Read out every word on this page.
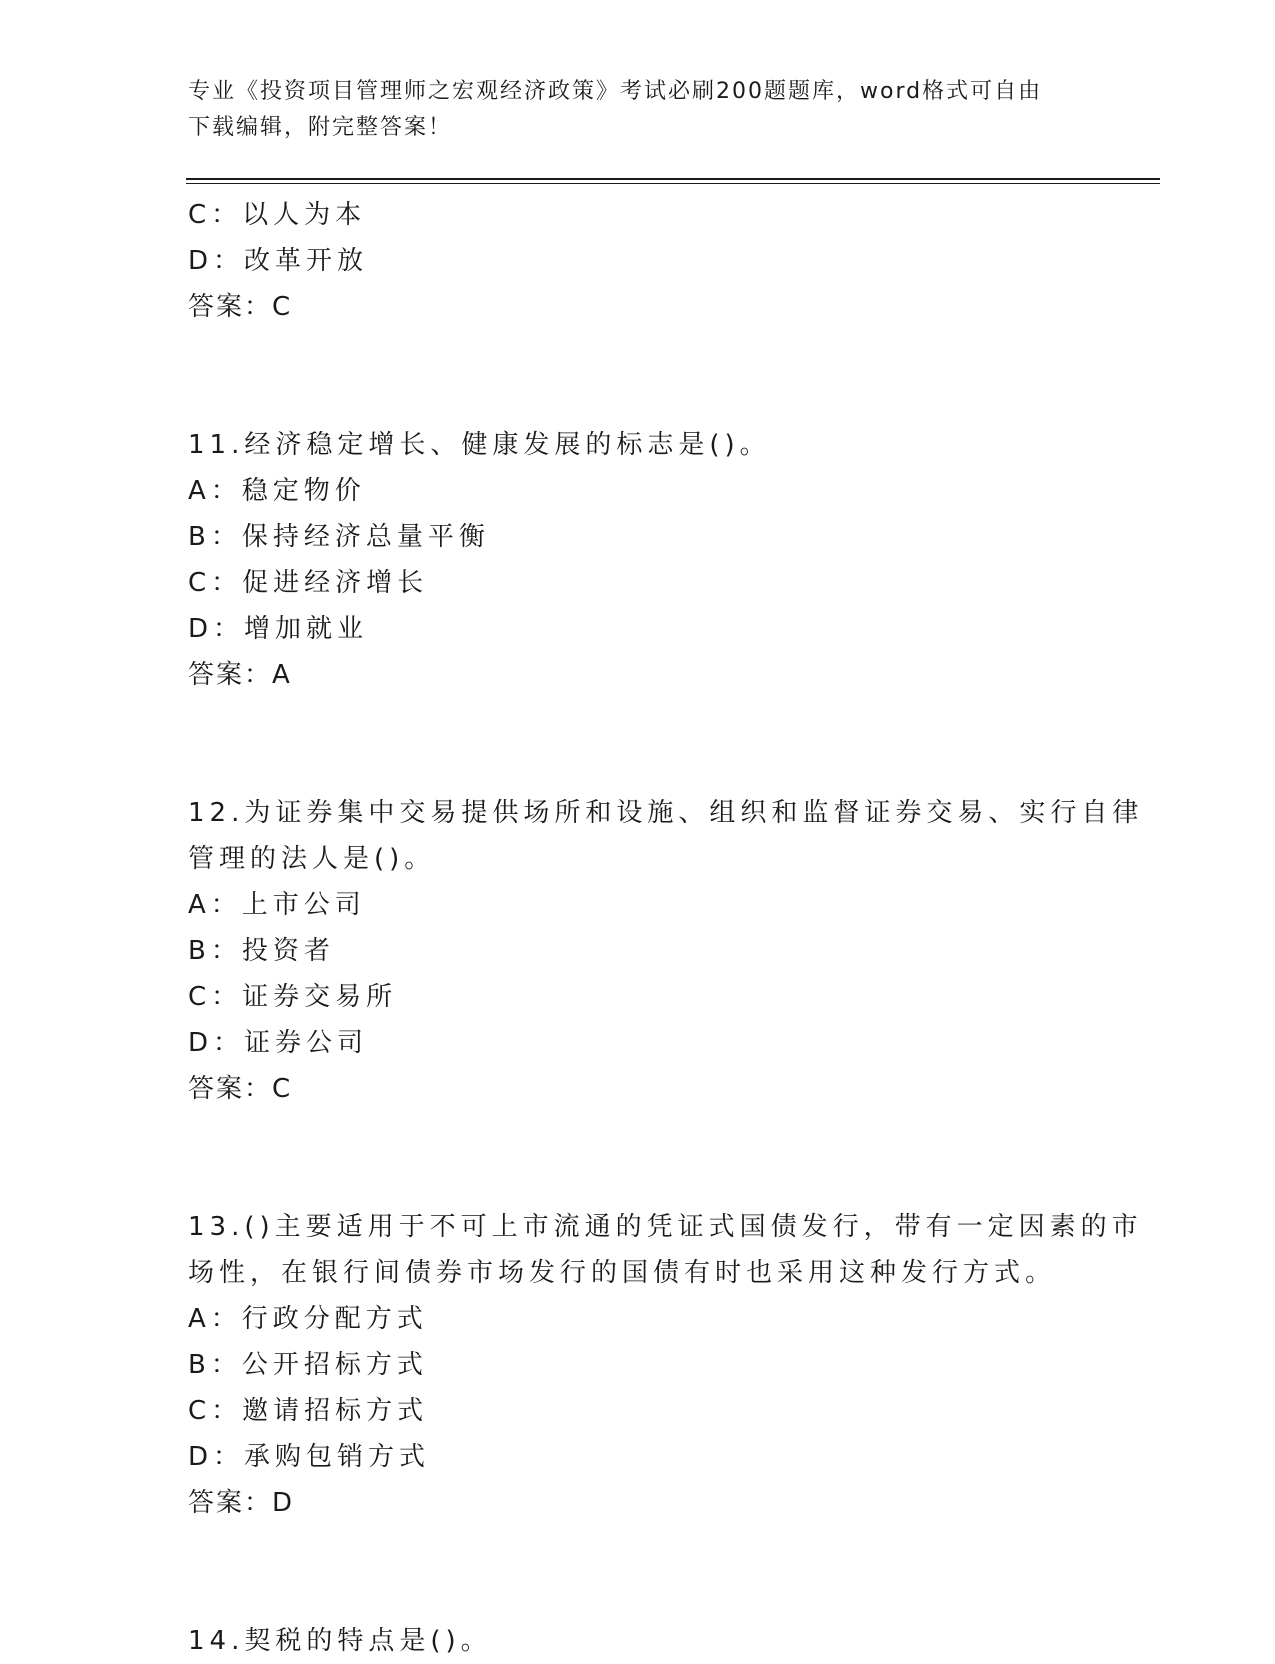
专业《投资项目管理师之宏观经济政策》考试必刷200题题库，word格式可自由
下载编辑，附完整答案！
C：以人为本
D：改革开放
答案：C
11.经济稳定增长、健康发展的标志是()。
A：稳定物价
B：保持经济总量平衡
C：促进经济增长
D：增加就业
答案：A
12.为证券集中交易提供场所和设施、组织和监督证券交易、实行自律
管理的法人是()。
A：上市公司
B：投资者
C：证券交易所
D：证券公司
答案：C
13.()主要适用于不可上市流通的凭证式国债发行，带有一定因素的市
场性，在银行间债券市场发行的国债有时也采用这种发行方式。
A：行政分配方式
B：公开招标方式
C：邀请招标方式
D：承购包销方式
答案：D
14.契税的特点是()。
